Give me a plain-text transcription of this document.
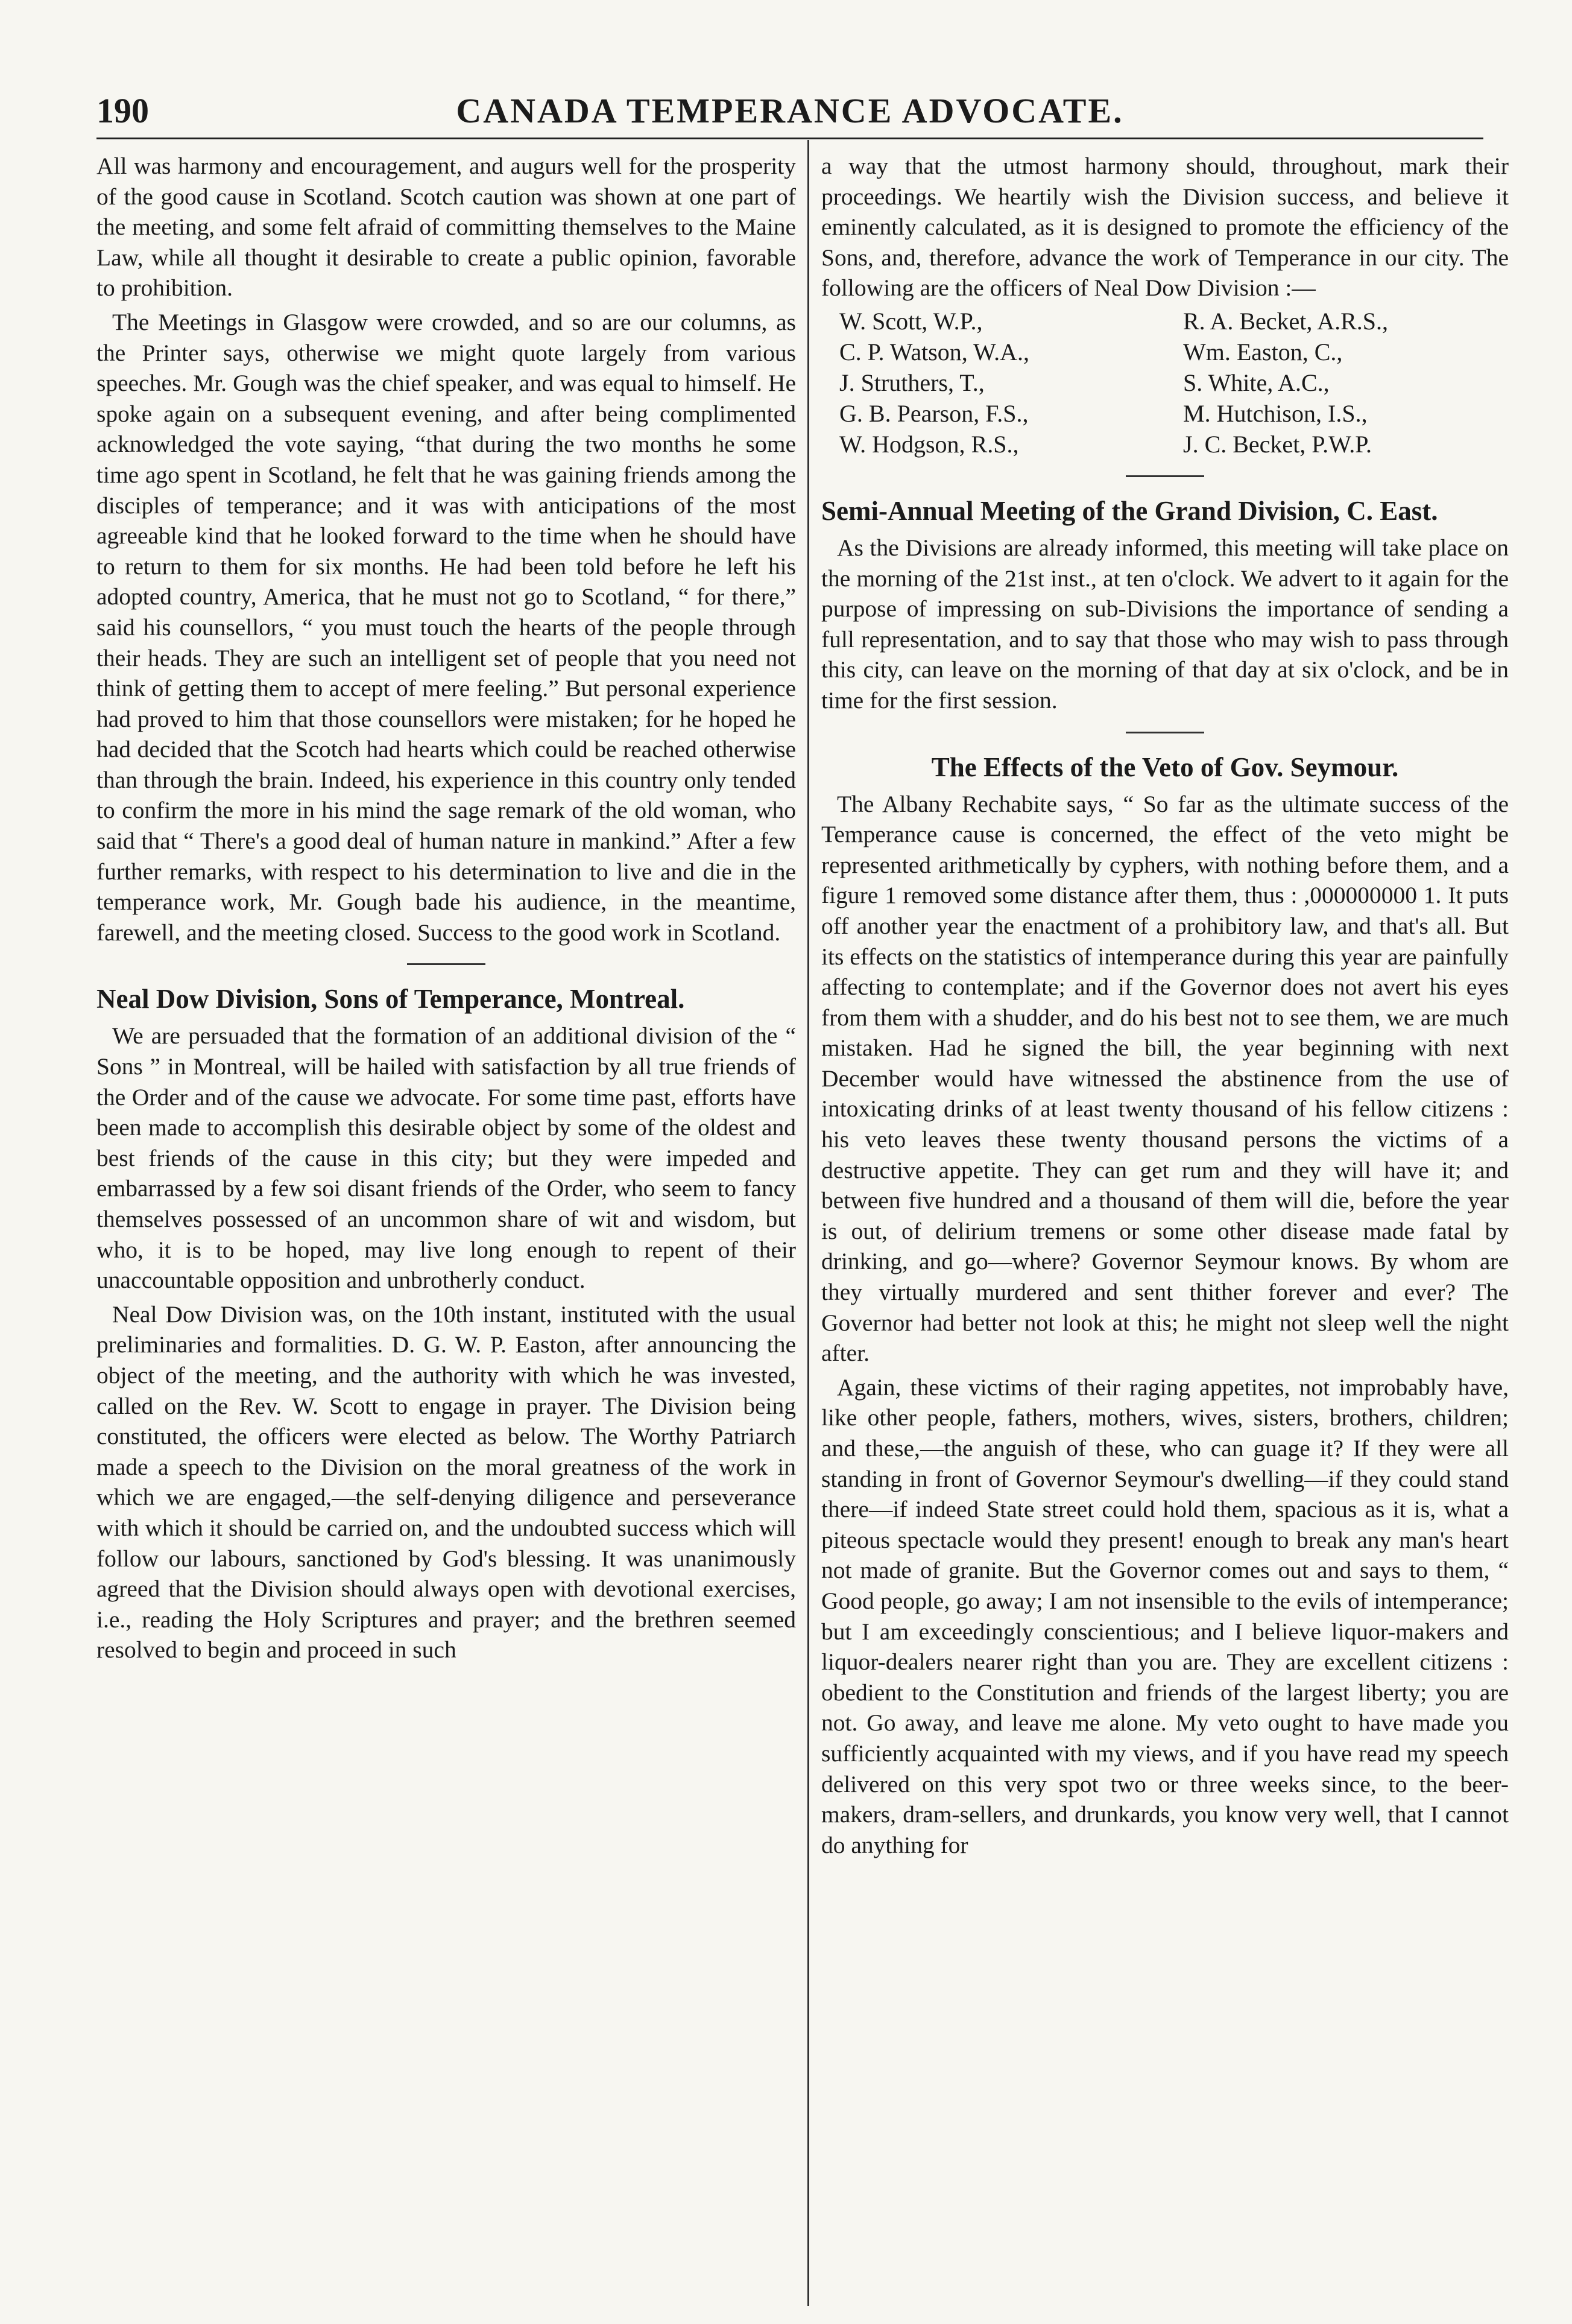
190	CANADA TEMPERANCE ADVOCATE.

All was harmony and encouragement, and augurs well for the prosperity of the good cause in Scotland. Scotch caution was shown at one part of the meeting, and some felt afraid of committing themselves to the Maine Law, while all thought it desirable to create a public opinion, favorable to prohibition.

The Meetings in Glasgow were crowded, and so are our columns, as the Printer says, otherwise we might quote largely from various speeches. Mr. Gough was the chief speaker, and was equal to himself. He spoke again on a subsequent evening, and after being complimented acknowledged the vote saying, “that during the two months he some time ago spent in Scotland, he felt that he was gaining friends among the disciples of temperance; and it was with anticipations of the most agreeable kind that he looked forward to the time when he should have to return to them for six months. He had been told before he left his adopted country, America, that he must not go to Scotland, “ for there,” said his counsellors, “ you must touch the hearts of the people through their heads. They are such an intelligent set of people that you need not think of getting them to accept of mere feeling.” But personal experience had proved to him that those counsellors were mistaken; for he hoped he had decided that the Scotch had hearts which could be reached otherwise than through the brain. Indeed, his experience in this country only tended to confirm the more in his mind the sage remark of the old woman, who said that “ There's a good deal of human nature in mankind.” After a few further remarks, with respect to his determination to live and die in the temperance work, Mr. Gough bade his audience, in the meantime, farewell, and the meeting closed. Success to the good work in Scotland.

Neal Dow Division, Sons of Temperance, Montreal.

We are persuaded that the formation of an additional division of the “ Sons ” in Montreal, will be hailed with satisfaction by all true friends of the Order and of the cause we advocate. For some time past, efforts have been made to accomplish this desirable object by some of the oldest and best friends of the cause in this city; but they were impeded and embarrassed by a few soi disant friends of the Order, who seem to fancy themselves possessed of an uncommon share of wit and wisdom, but who, it is to be hoped, may live long enough to repent of their unaccountable opposition and unbrotherly conduct.

Neal Dow Division was, on the 10th instant, instituted with the usual preliminaries and formalities. D. G. W. P. Easton, after announcing the object of the meeting, and the authority with which he was invested, called on the Rev. W. Scott to engage in prayer. The Division being constituted, the officers were elected as below. The Worthy Patriarch made a speech to the Division on the moral greatness of the work in which we are engaged,—the self-denying diligence and perseverance with which it should be carried on, and the undoubted success which will follow our labours, sanctioned by God's blessing. It was unanimously agreed that the Division should always open with devotional exercises, i.e., reading the Holy Scriptures and prayer; and the brethren seemed resolved to begin and proceed in such

a way that the utmost harmony should, throughout, mark their proceedings. We heartily wish the Division success, and believe it eminently calculated, as it is designed to promote the efficiency of the Sons, and, therefore, advance the work of Temperance in our city. The following are the officers of Neal Dow Division :—

W. Scott, W.P.,	R. A. Becket, A.R.S.,
C. P. Watson, W.A.,	Wm. Easton, C.,
J. Struthers, T.,	S. White, A.C.,
G. B. Pearson, F.S.,	M. Hutchison, I.S.,
W. Hodgson, R.S.,	J. C. Becket, P.W.P.
Semi-Annual Meeting of the Grand Division, C. East.

As the Divisions are already informed, this meeting will take place on the morning of the 21st inst., at ten o'clock. We advert to it again for the purpose of impressing on sub-Divisions the importance of sending a full representation, and to say that those who may wish to pass through this city, can leave on the morning of that day at six o'clock, and be in time for the first session.

The Effects of the Veto of Gov. Seymour.

The Albany Rechabite says, “ So far as the ultimate success of the Temperance cause is concerned, the effect of the veto might be represented arithmetically by cyphers, with nothing before them, and a figure 1 removed some distance after them, thus : ,000000000 1. It puts off another year the enactment of a prohibitory law, and that's all. But its effects on the statistics of intemperance during this year are painfully affecting to contemplate; and if the Governor does not avert his eyes from them with a shudder, and do his best not to see them, we are much mistaken. Had he signed the bill, the year beginning with next December would have witnessed the abstinence from the use of intoxicating drinks of at least twenty thousand of his fellow citizens : his veto leaves these twenty thousand persons the victims of a destructive appetite. They can get rum and they will have it; and between five hundred and a thousand of them will die, before the year is out, of delirium tremens or some other disease made fatal by drinking, and go—where? Governor Seymour knows. By whom are they virtually murdered and sent thither forever and ever? The Governor had better not look at this; he might not sleep well the night after.

Again, these victims of their raging appetites, not improbably have, like other people, fathers, mothers, wives, sisters, brothers, children; and these,—the anguish of these, who can guage it? If they were all standing in front of Governor Seymour's dwelling—if they could stand there—if indeed State street could hold them, spacious as it is, what a piteous spectacle would they present! enough to break any man's heart not made of granite. But the Governor comes out and says to them, “ Good people, go away; I am not insensible to the evils of intemperance; but I am exceedingly conscientious; and I believe liquor-makers and liquor-dealers nearer right than you are. They are excellent citizens : obedient to the Constitution and friends of the largest liberty; you are not. Go away, and leave me alone. My veto ought to have made you sufficiently acquainted with my views, and if you have read my speech delivered on this very spot two or three weeks since, to the beer-makers, dram-sellers, and drunkards, you know very well, that I cannot do anything for
